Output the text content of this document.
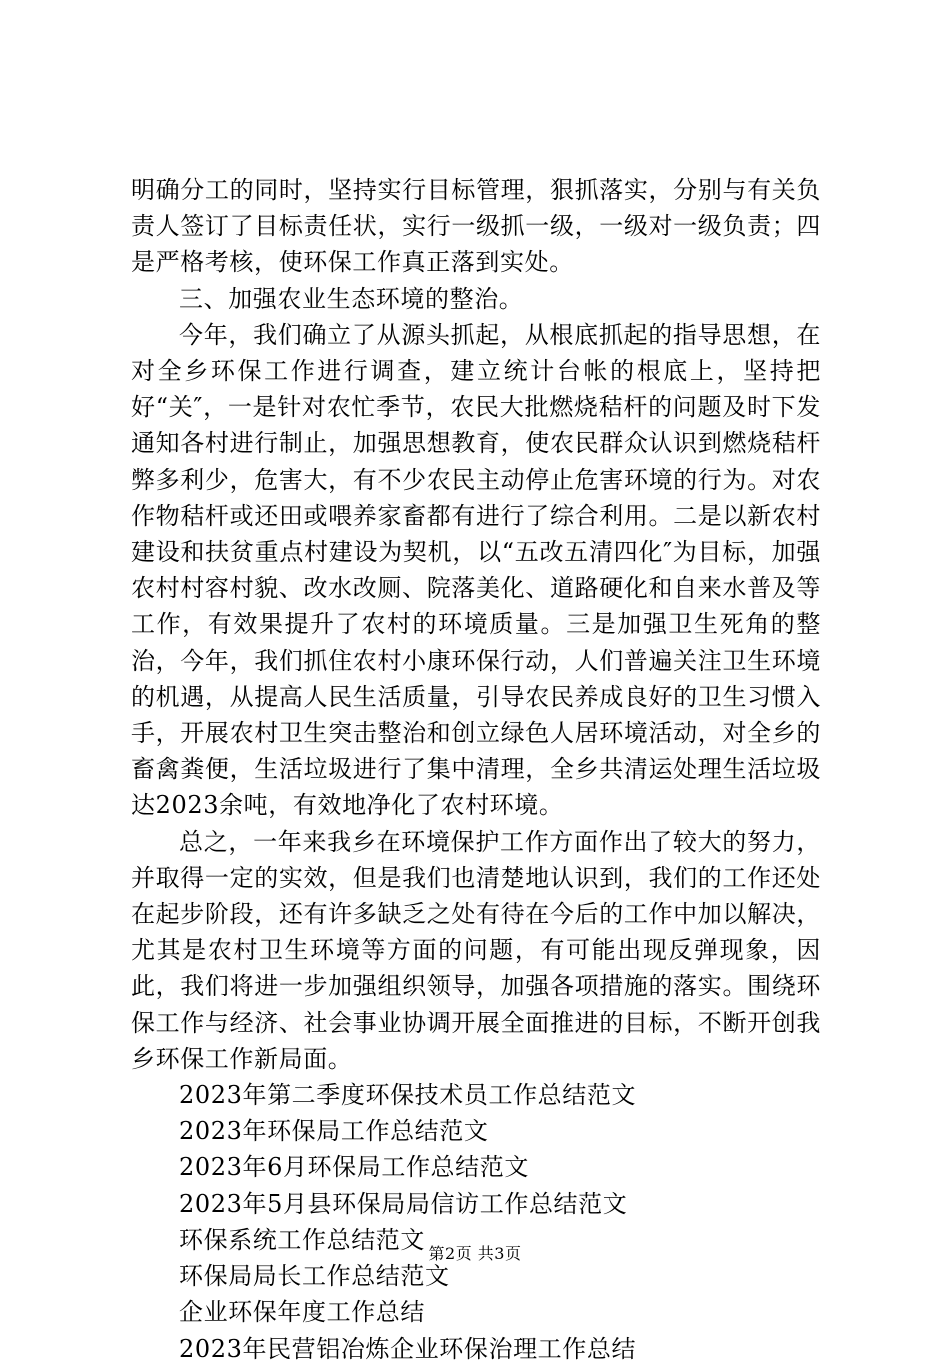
明确分工的同时，坚持实行目标管理，狠抓落实，分别与有关负责人签订了目标责任状，实行一级抓一级，一级对一级负责；四是严格考核，使环保工作真正落到实处。

三、加强农业生态环境的整治。

今年，我们确立了从源头抓起，从根底抓起的指导思想，在对全乡环保工作进行调查，建立统计台帐的根底上，坚持把好“关″，一是针对农忙季节，农民大批燃烧秸杆的问题及时下发通知各村进行制止，加强思想教育，使农民群众认识到燃烧秸杆弊多利少，危害大，有不少农民主动停止危害环境的行为。对农作物秸杆或还田或喂养家畜都有进行了综合利用。二是以新农村建设和扶贫重点村建设为契机，以“五改五清四化″为目标，加强农村村容村貌、改水改厕、院落美化、道路硬化和自来水普及等工作，有效果提升了农村的环境质量。三是加强卫生死角的整治，今年，我们抓住农村小康环保行动，人们普遍关注卫生环境的机遇，从提高人民生活质量，引导农民养成良好的卫生习惯入手，开展农村卫生突击整治和创立绿色人居环境活动，对全乡的畜禽粪便，生活垃圾进行了集中清理，全乡共清运处理生活垃圾达2023余吨，有效地净化了农村环境。

总之，一年来我乡在环境保护工作方面作出了较大的努力，并取得一定的实效，但是我们也清楚地认识到，我们的工作还处在起步阶段，还有许多缺乏之处有待在今后的工作中加以解决，尤其是农村卫生环境等方面的问题，有可能出现反弹现象，因此，我们将进一步加强组织领导，加强各项措施的落实。围绕环保工作与经济、社会事业协调开展全面推进的目标，不断开创我乡环保工作新局面。

2023年第二季度环保技术员工作总结范文
2023年环保局工作总结范文
2023年6月环保局工作总结范文
2023年5月县环保局局信访工作总结范文
环保系统工作总结范文
环保局局长工作总结范文
企业环保年度工作总结
2023年民营铝冶炼企业环保治理工作总结
第2页 共3页
